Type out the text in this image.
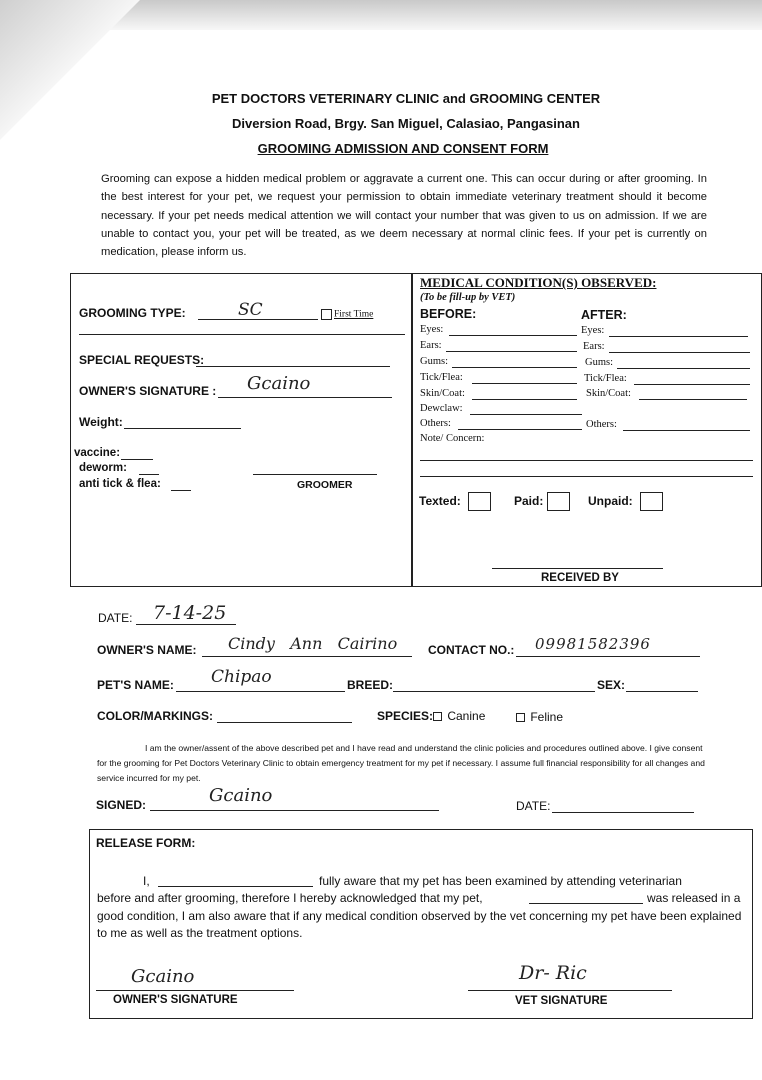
PET DOCTORS VETERINARY CLINIC and GROOMING CENTER
Diversion Road, Brgy. San Miguel, Calasiao, Pangasinan
GROOMING ADMISSION AND CONSENT FORM
Grooming can expose a hidden medical problem or aggravate a current one. This can occur during or after grooming. In the best interest for your pet, we request your permission to obtain immediate veterinary treatment should it become necessary. If your pet needs medical attention we will contact your number that was given to us on admission. If we are unable to contact you, your pet will be treated, as we deem necessary at normal clinic fees. If your pet is currently on medication, please inform us.
GROOMING TYPE:	SC	First Time
SPECIAL REQUESTS:
OWNER'S SIGNATURE : Gcaino
Weight:
vaccine:
deworm:
anti tick & flea:	GROOMER
MEDICAL CONDITION(S) OBSERVED:
(To be fill-up by VET)
BEFORE:	AFTER:
Eyes:
Ears:
Gums:
Tick/Flea:
Skin/Coat:
Dewclaw:
Others:
Note/ Concern:
Eyes:
Ears:
Gums:
Tick/Flea:
Skin/Coat:
Others:
Texted:	Paid:	Unpaid:
RECEIVED BY
DATE: 7-14-25
OWNER'S NAME: Cindy   Ann   Cairino	CONTACT NO.: 09981582396
PET'S NAME: Chipao	BREED:	SEX:
COLOR/MARKINGS:	SPECIES:	Canine	Feline
I am the owner/assent of the above described pet and I have read and understand the clinic policies and procedures outlined above. I give consent for the grooming for Pet Doctors Veterinary Clinic to obtain emergency treatment for my pet if necessary. I assume full financial responsibility for all changes and service incurred for my pet.
SIGNED:	Gcaino	DATE:
RELEASE FORM:
I,	fully aware that my pet has been examined by attending veterinarian
before and after grooming, therefore I hereby acknowledged that my pet,	was released in a
good condition, I am also aware that if any medical condition observed by the vet concerning my pet have been explained to me as well as the treatment options.
Gcaino
OWNER'S SIGNATURE
Dr- Ric
VET SIGNATURE
